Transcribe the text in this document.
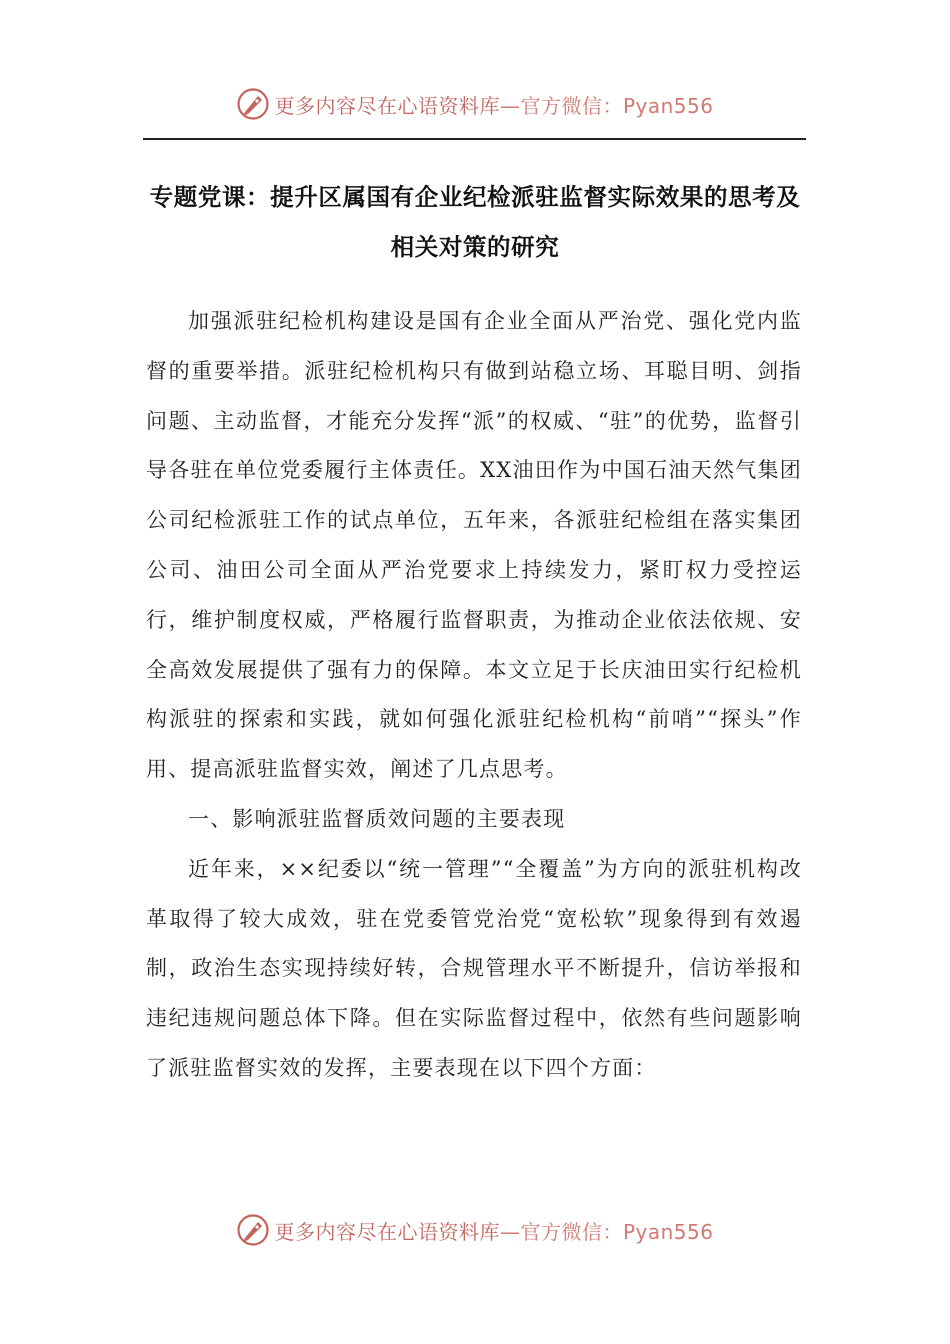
更多内容尽在心语资料库—官方微信：Pyan556
专题党课：提升区属国有企业纪检派驻监督实际效果的思考及相关对策的研究

加强派驻纪检机构建设是国有企业全面从严治党、强化党内监督的重要举措。派驻纪检机构只有做到站稳立场、耳聪目明、剑指问题、主动监督，才能充分发挥“派”的权威、“驻”的优势，监督引导各驻在单位党委履行主体责任。XX油田作为中国石油天然气集团公司纪检派驻工作的试点单位，五年来，各派驻纪检组在落实集团公司、油田公司全面从严治党要求上持续发力，紧盯权力受控运行，维护制度权威，严格履行监督职责，为推动企业依法依规、安全高效发展提供了强有力的保障。本文立足于长庆油田实行纪检机构派驻的探索和实践，就如何强化派驻纪检机构“前哨”“探头”作用、提高派驻监督实效，阐述了几点思考。

一、影响派驻监督质效问题的主要表现

近年来，××纪委以“统一管理”“全覆盖”为方向的派驻机构改革取得了较大成效，驻在党委管党治党“宽松软”现象得到有效遏制，政治生态实现持续好转，合规管理水平不断提升，信访举报和违纪违规问题总体下降。但在实际监督过程中，依然有些问题影响了派驻监督实效的发挥，主要表现在以下四个方面：

更多内容尽在心语资料库—官方微信：Pyan556
